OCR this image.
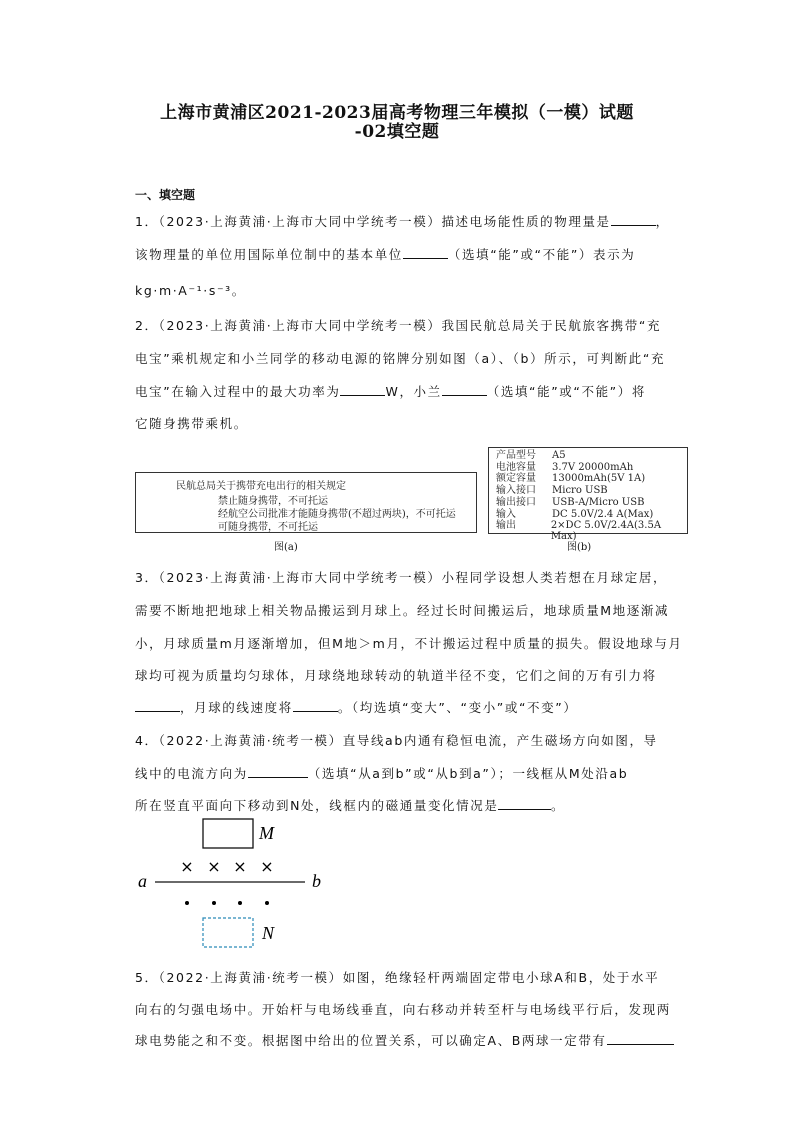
上海市黄浦区2021-2023届高考物理三年模拟（一模）试题
-02填空题
一、填空题
1．（2023·上海黄浦·上海市大同中学统考一模）描述电场能性质的物理量是	，
该物理量的单位用国际单位制中的基本单位	（选填“能”或“不能”）表示为
kg·m·A⁻¹·s⁻³。
2．（2023·上海黄浦·上海市大同中学统考一模）我国民航总局关于民航旅客携带“充
电宝”乘机规定和小兰同学的移动电源的铭牌分别如图（a）、（b）所示，可判断此“充
电宝”在输入过程中的最大功率为	W，小兰	（选填“能”或“不能”）将
它随身携带乘机。
3．（2023·上海黄浦·上海市大同中学统考一模）小程同学设想人类若想在月球定居，
需要不断地把地球上相关物品搬运到月球上。经过长时间搬运后，地球质量M地逐渐减
小，月球质量m月逐渐增加，但M地＞m月，不计搬运过程中质量的损失。假设地球与月
球均可视为质量均匀球体，月球绕地球转动的轨道半径不变，它们之间的万有引力将
，月球的线速度将	。（均选填“变大”、“变小”或“不变”）
4．（2022·上海黄浦·统考一模）直导线ab内通有稳恒电流，产生磁场方向如图，导
线中的电流方向为	（选填“从a到b”或“从b到a”）；一线框从M处沿ab
所在竖直平面向下移动到N处，线框内的磁通量变化情况是	。
5．（2022·上海黄浦·统考一模）如图，绝缘轻杆两端固定带电小球A和B，处于水平
向右的匀强电场中。开始杆与电场线垂直，向右移动并转至杆与电场线平行后，发现两
球电势能之和不变。根据图中给出的位置关系，可以确定A、B两球一定带有
民航总局关于携带充电出行的相关规定
禁止随身携带，不可托运
经航空公司批准才能随身携带(不超过两块)，不可托运
可随身携带，不可托运
图(a)
产品型号	A5
电池容量	3.7V 20000mAh
额定容量	13000mAh(5V 1A)
输入接口	Micro USB
输出接口	USB-A/Micro USB
输入	DC 5.0V/2.4 A(Max)
输出	2×DC 5.0V/2.4A(3.5A Max)
图(b)
× × × ×
M
N
a	b
